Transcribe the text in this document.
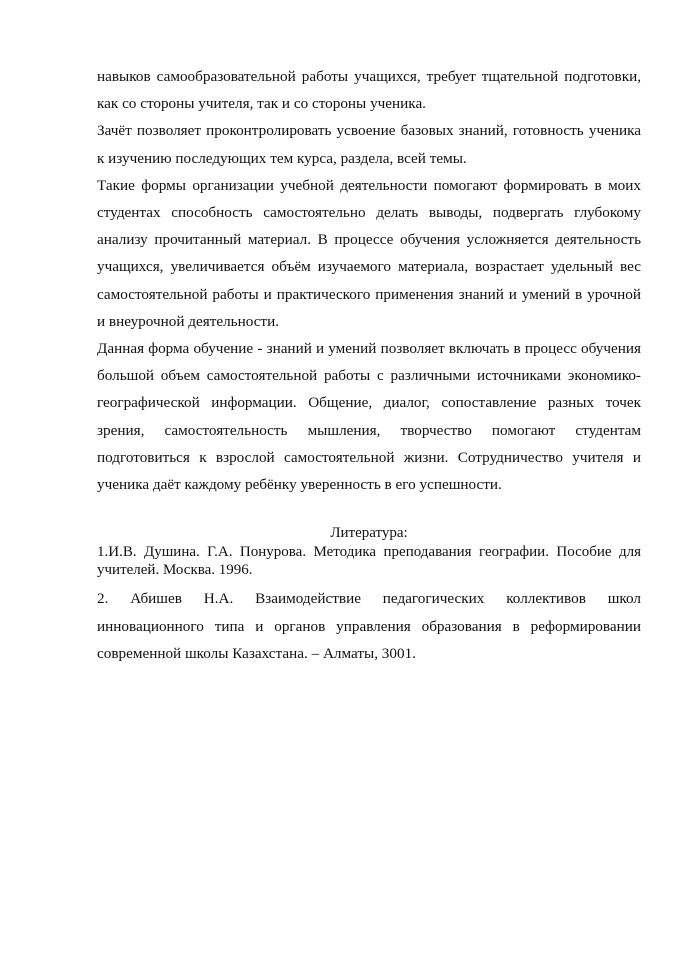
навыков самообразовательной работы учащихся, требует тщательной подготовки, как со стороны учителя, так и со стороны ученика.

Зачёт позволяет проконтролировать усвоение базовых знаний, готовность ученика к изучению последующих тем курса, раздела, всей темы.

Такие формы организации учебной деятельности помогают формировать в моих студентах способность самостоятельно делать выводы, подвергать глубокому анализу прочитанный материал. В процессе обучения усложняется деятельность учащихся, увеличивается объём изучаемого материала, возрастает удельный вес самостоятельной работы и практического применения знаний и умений в урочной и внеурочной деятельности.

Данная форма обучение - знаний и умений позволяет включать в процесс обучения большой объем самостоятельной работы с различными источниками экономико-географической информации. Общение, диалог, сопоставление разных точек зрения, самостоятельность мышления, творчество помогают студентам подготовиться к взрослой самостоятельной жизни. Сотрудничество учителя и ученика даёт каждому ребёнку уверенность в его успешности.

Литература:

1.И.В. Душина. Г.А. Понурова. Методика преподавания географии. Пособие для учителей. Москва. 1996.

2. Абишев Н.А. Взаимодействие педагогических коллективов школ инновационного типа и органов управления образования в реформировании современной школы Казахстана. – Алматы, 3001.
